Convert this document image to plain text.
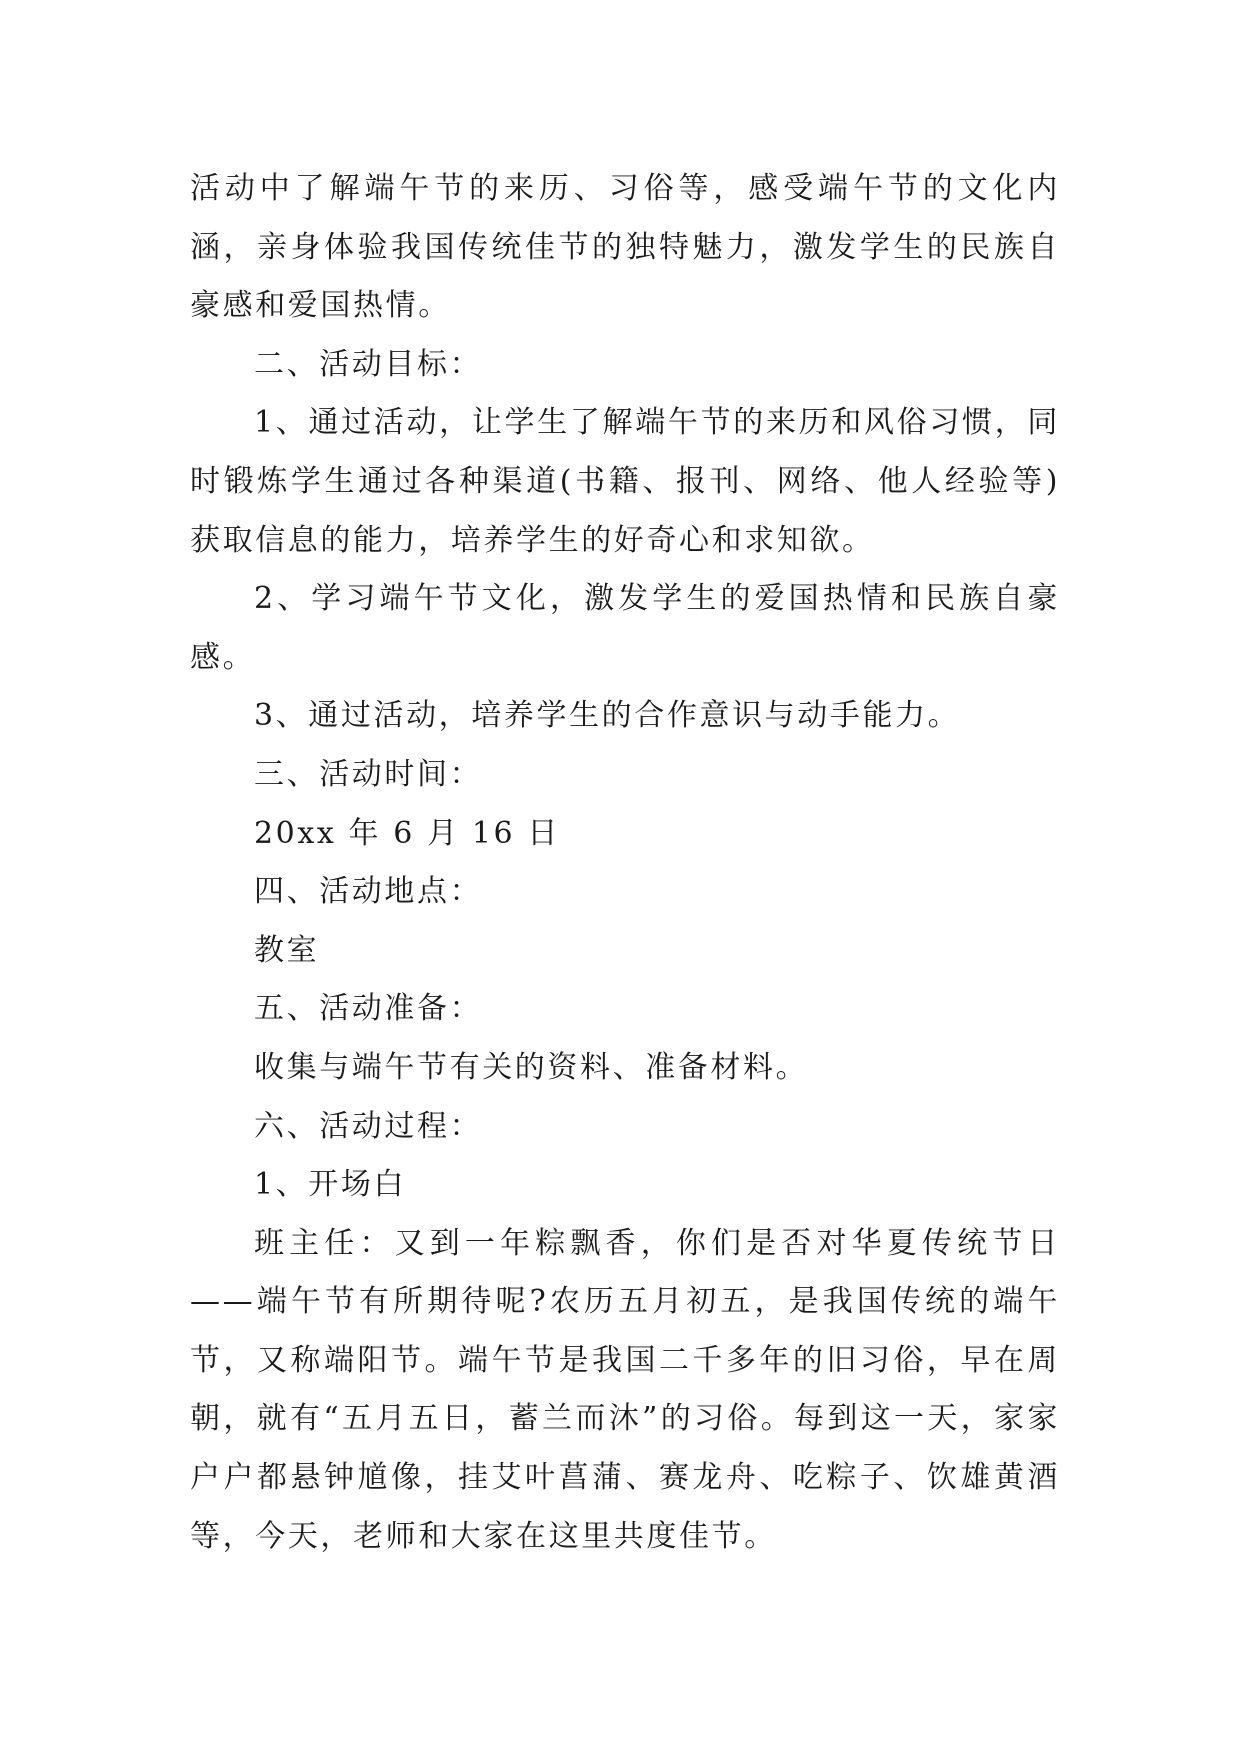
活动中了解端午节的来历、习俗等，感受端午节的文化内涵，亲身体验我国传统佳节的独特魅力，激发学生的民族自豪感和爱国热情。

二、活动目标：

1、通过活动，让学生了解端午节的来历和风俗习惯，同时锻炼学生通过各种渠道(书籍、报刊、网络、他人经验等)获取信息的能力，培养学生的好奇心和求知欲。

2、学习端午节文化，激发学生的爱国热情和民族自豪感。

3、通过活动，培养学生的合作意识与动手能力。

三、活动时间：

20xx 年 6 月 16 日

四、活动地点：

教室

五、活动准备：

收集与端午节有关的资料、准备材料。

六、活动过程：

1、开场白

班主任：又到一年粽飘香，你们是否对华夏传统节日——端午节有所期待呢?农历五月初五，是我国传统的端午节，又称端阳节。端午节是我国二千多年的旧习俗，早在周朝，就有“五月五日，蓄兰而沐”的习俗。每到这一天，家家户户都悬钟馗像，挂艾叶菖蒲、赛龙舟、吃粽子、饮雄黄酒等，今天，老师和大家在这里共度佳节。
